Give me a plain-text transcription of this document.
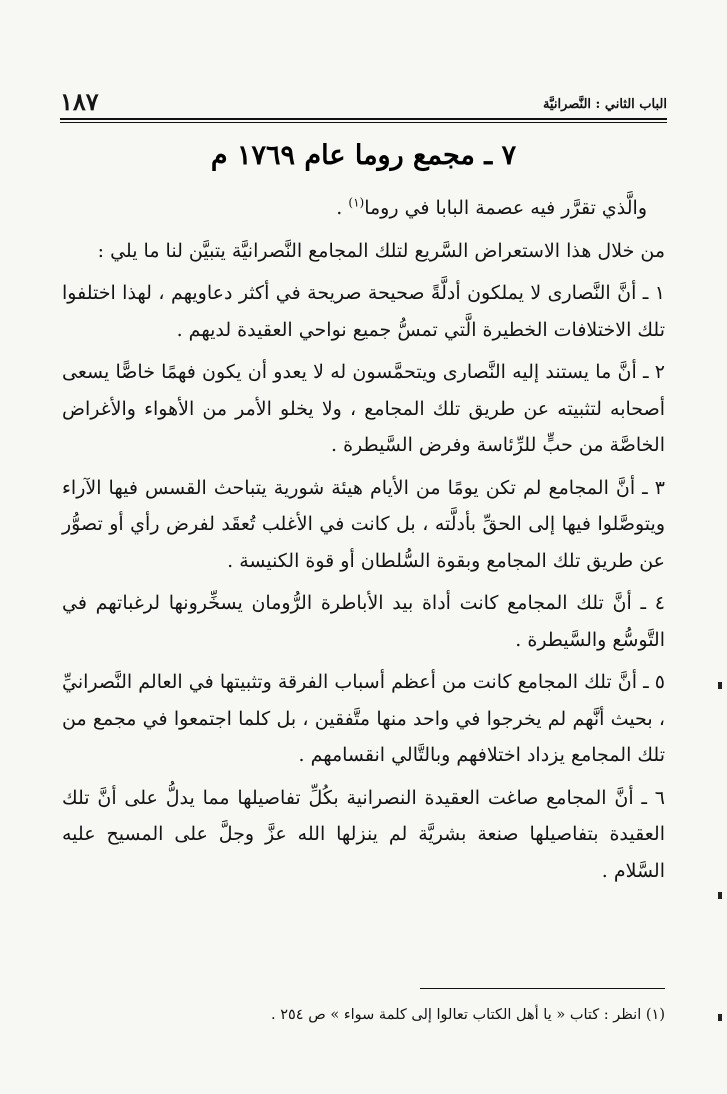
الباب الثاني : النَّصرانيَّة
١٨٧
٧ ـ مجمع روما عام ١٧٦٩ م

والَّذي تقرَّر فيه عصمة البابا في روما$^{(١)}$ .

من خلال هذا الاستعراض السَّريع لتلك المجامع النَّصرانيَّة يتبيَّن لنا ما يلي :

١ ـ أنَّ النَّصارى لا يملكون أدلَّةً صحيحة صريحة في أكثر دعاويهم ، لهذا اختلفوا تلك الاختلافات الخطيرة الَّتي تمسُّ جميع نواحي العقيدة لديهم .

٢ ـ أنَّ ما يستند إليه النَّصارى ويتحمَّسون له لا يعدو أن يكون فهمًا خاصًّا يسعى أصحابه لتثبيته عن طريق تلك المجامع ، ولا يخلو الأمر من الأهواء والأغراض الخاصَّة من حبٍّ للرِّئاسة وفرض السَّيطرة .

٣ ـ أنَّ المجامع لم تكن يومًا من الأيام هيئة شورية يتباحث القسس فيها الآراء ويتوصَّلوا فيها إلى الحقِّ بأدلَّته ، بل كانت في الأغلب تُعقَد لفرض رأي أو تصوُّر عن طريق تلك المجامع وبقوة السُّلطان أو قوة الكنيسة .

٤ ـ أنَّ تلك المجامع كانت أداة بيد الأباطرة الرُّومان يسخِّرونها لرغباتهم في التَّوسُّع والسَّيطرة .

٥ ـ أنَّ تلك المجامع كانت من أعظم أسباب الفرقة وتثبيتها في العالم النَّصرانيِّ ، بحيث أنَّهم لم يخرجوا في واحد منها متَّفقين ، بل كلما اجتمعوا في مجمع من تلك المجامع يزداد اختلافهم وبالتَّالي انقسامهم .

٦ ـ أنَّ المجامع صاغت العقيدة النصرانية بكُلِّ تفاصيلها مما يدلُّ على أنَّ تلك العقيدة بتفاصيلها صنعة بشريَّة لم ينزلها الله عزَّ وجلَّ على المسيح عليه السَّلام .

(١) انظر : كتاب « يا أهل الكتاب تعالوا إلى كلمة سواء » ص ٢٥٤ .
